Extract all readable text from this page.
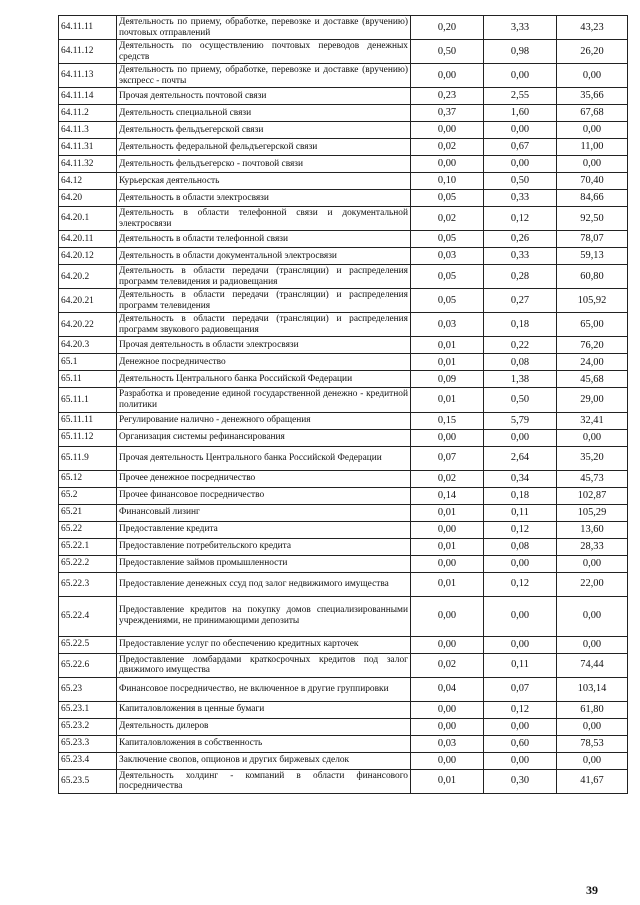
64.11.11	Деятельность по приему, обработке, перевозке и доставке (вручению) почтовых отправлений	0,20	3,33	43,23
64.11.12	Деятельность по осуществлению почтовых переводов денежных средств	0,50	0,98	26,20
64.11.13	Деятельность по приему, обработке, перевозке и доставке (вручению) экспресс - почты	0,00	0,00	0,00
64.11.14	Прочая деятельность почтовой связи	0,23	2,55	35,66
64.11.2	Деятельность специальной связи	0,37	1,60	67,68
64.11.3	Деятельность фельдъегерской связи	0,00	0,00	0,00
64.11.31	Деятельность федеральной фельдъегерской связи	0,02	0,67	11,00
64.11.32	Деятельность фельдъегерско - почтовой связи	0,00	0,00	0,00
64.12	Курьерская деятельность	0,10	0,50	70,40
64.20	Деятельность в области электросвязи	0,05	0,33	84,66
64.20.1	Деятельность в области телефонной связи и документальной электросвязи	0,02	0,12	92,50
64.20.11	Деятельность в области телефонной связи	0,05	0,26	78,07
64.20.12	Деятельность в области документальной электросвязи	0,03	0,33	59,13
64.20.2	Деятельность в области передачи (трансляции) и распределения программ телевидения и радиовещания	0,05	0,28	60,80
64.20.21	Деятельность в области передачи (трансляции) и распределения программ телевидения	0,05	0,27	105,92
64.20.22	Деятельность в области передачи (трансляции) и распределения программ звукового радиовещания	0,03	0,18	65,00
64.20.3	Прочая деятельность в области электросвязи	0,01	0,22	76,20
65.1	Денежное посредничество	0,01	0,08	24,00
65.11	Деятельность Центрального банка Российской Федерации	0,09	1,38	45,68
65.11.1	Разработка и проведение единой государственной денежно - кредитной политики	0,01	0,50	29,00
65.11.11	Регулирование налично - денежного обращения	0,15	5,79	32,41
65.11.12	Организация системы рефинансирования	0,00	0,00	0,00
65.11.9	Прочая деятельность Центрального банка Российской Федерации	0,07	2,64	35,20
65.12	Прочее денежное посредничество	0,02	0,34	45,73
65.2	Прочее финансовое посредничество	0,14	0,18	102,87
65.21	Финансовый лизинг	0,01	0,11	105,29
65.22	Предоставление кредита	0,00	0,12	13,60
65.22.1	Предоставление потребительского кредита	0,01	0,08	28,33
65.22.2	Предоставление займов промышленности	0,00	0,00	0,00
65.22.3	Предоставление денежных ссуд под залог недвижимого имущества	0,01	0,12	22,00
65.22.4	Предоставление кредитов на покупку домов специализированными учреждениями, не принимающими депозиты	0,00	0,00	0,00
65.22.5	Предоставление услуг по обеспечению кредитных карточек	0,00	0,00	0,00
65.22.6	Предоставление ломбардами краткосрочных кредитов под залог движимого имущества	0,02	0,11	74,44
65.23	Финансовое посредничество, не включенное в другие группировки	0,04	0,07	103,14
65.23.1	Капиталовложения в ценные бумаги	0,00	0,12	61,80
65.23.2	Деятельность дилеров	0,00	0,00	0,00
65.23.3	Капиталовложения в собственность	0,03	0,60	78,53
65.23.4	Заключение свопов, опционов и других биржевых сделок	0,00	0,00	0,00
65.23.5	Деятельность холдинг - компаний в области финансового посредничества	0,01	0,30	41,67
39
